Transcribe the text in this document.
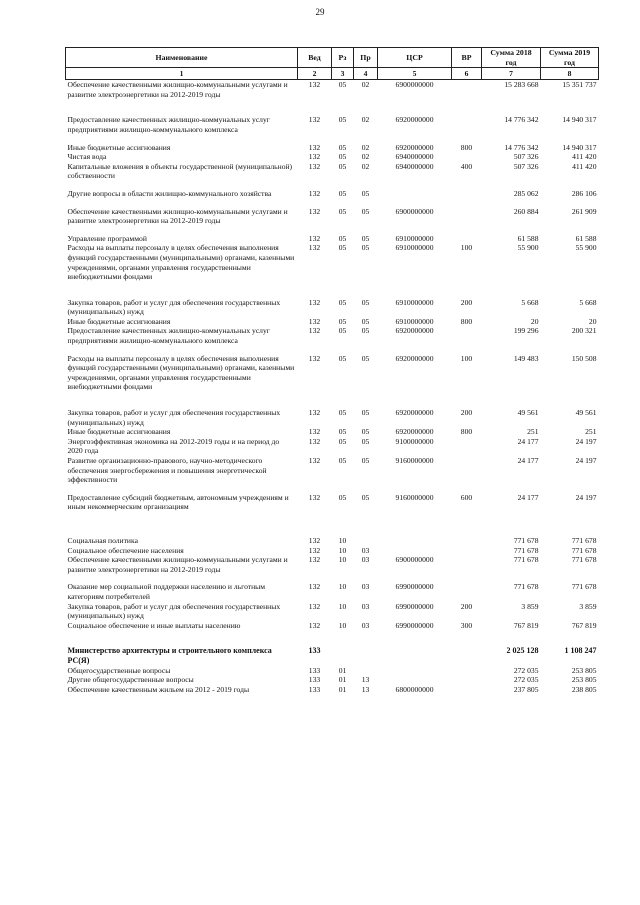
29
Наименование	Вед	Рз	Пр	ЦСР	ВР	Сумма 2018 год	Сумма 2019 год
1	2	3	4	5	6	7	8
Обеспечение качественными жилищно-коммунальными услугами и развитие электроэнергетики на 2012-2019 годы	132	05	02	6900000000		15 283 668	15 351 737

Предоставление качественных жилищно-коммунальных услуг предприятиями жилищно-коммунального комплекса	132	05	02	6920000000		14 776 342	14 940 317

Иные бюджетные ассигнования	132	05	02	6920000000	800	14 776 342	14 940 317
Чистая вода	132	05	02	6940000000		507 326	411 420
Капитальные вложения в объекты государственной (муниципальной) собственности	132	05	02	6940000000	400	507 326	411 420

Другие вопросы в области жилищно-коммунального хозяйства	132	05	05			285 062	286 106

Обеспечение качественными жилищно-коммунальными услугами и развитие электроэнергетики на 2012-2019 годы	132	05	05	6900000000		260 884	261 909

Управление программой	132	05	05	6910000000		61 588	61 588
Расходы на выплаты персоналу в целях обеспечения выполнения функций государственными (муниципальными) органами, казенными учреждениями, органами управления государственными внебюджетными фондами	132	05	05	6910000000	100	55 900	55 900

Закупка товаров, работ и услуг для обеспечения государственных (муниципальных) нужд	132	05	05	6910000000	200	5 668	5 668
Иные бюджетные ассигнования	132	05	05	6910000000	800	20	20
Предоставление качественных жилищно-коммунальных услуг предприятиями жилищно-коммунального комплекса	132	05	05	6920000000		199 296	200 321

Расходы на выплаты персоналу в целях обеспечения выполнения функций государственными (муниципальными) органами, казенными учреждениями, органами управления государственными внебюджетными фондами	132	05	05	6920000000	100	149 483	150 508

Закупка товаров, работ и услуг для обеспечения государственных (муниципальных) нужд	132	05	05	6920000000	200	49 561	49 561
Иные бюджетные ассигнования	132	05	05	6920000000	800	251	251
Энергоэффективная экономика на 2012-2019 годы и на период до 2020 года	132	05	05	9100000000		24 177	24 197
Развитие организационно-правового, научно-методического обеспечения энергосбережения и повышения энергетической эффективности	132	05	05	9160000000		24 177	24 197

Предоставление субсидий бюджетным, автономным учреждениям и иным некоммерческим организациям	132	05	05	9160000000	600	24 177	24 197

Социальная политика	132	10				771 678	771 678
Социальное обеспечение населения	132	10	03			771 678	771 678
Обеспечение качественными жилищно-коммунальными услугами и развитие электроэнергетики на 2012-2019 годы	132	10	03	6900000000		771 678	771 678

Оказание мер социальной поддержки населению и льготным категориям потребителей	132	10	03	6990000000		771 678	771 678
Закупка товаров, работ и услуг для обеспечения государственных (муниципальных) нужд	132	10	03	6990000000	200	3 859	3 859
Социальное обеспечение и иные выплаты населению	132	10	03	6990000000	300	767 819	767 819

Министерство архитектуры и строительного комплекса РС(Я)	133					2 025 128	1 108 247
Общегосударственные вопросы	133	01				272 035	253 805
Другие общегосударственные вопросы	133	01	13			272 035	253 805
Обеспечение качественным жильем на 2012 - 2019 годы	133	01	13	6800000000		237 805	238 805
